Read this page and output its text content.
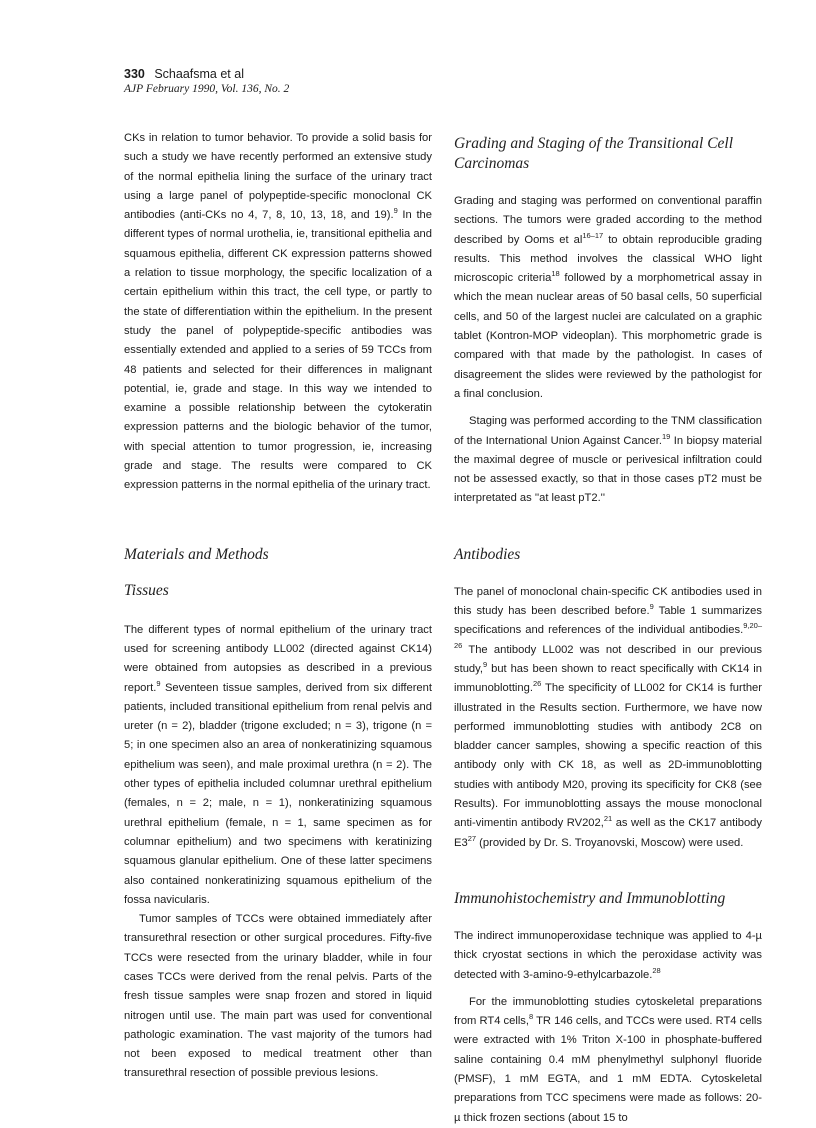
330 Schaafsma et al
AJP February 1990, Vol. 136, No. 2

CKs in relation to tumor behavior. To provide a solid basis for such a study we have recently performed an extensive study of the normal epithelia lining the surface of the urinary tract using a large panel of polypeptide-specific monoclonal CK antibodies (anti-CKs no 4, 7, 8, 10, 13, 18, and 19).$^9$ In the different types of normal urothelia, ie, transitional epithelia and squamous epithelia, different CK expression patterns showed a relation to tissue morphology, the specific localization of a certain epithelium within this tract, the cell type, or partly to the state of differentiation within the epithelium. In the present study the panel of polypeptide-specific antibodies was essentially extended and applied to a series of 59 TCCs from 48 patients and selected for their differences in malignant potential, ie, grade and stage. In this way we intended to examine a possible relationship between the cytokeratin expression patterns and the biologic behavior of the tumor, with special attention to tumor progression, ie, increasing grade and stage. The results were compared to CK expression patterns in the normal epithelia of the urinary tract.

Materials and Methods
Tissues

The different types of normal epithelium of the urinary tract used for screening antibody LL002 (directed against CK14) were obtained from autopsies as described in a previous report.$^9$ Seventeen tissue samples, derived from six different patients, included transitional epithelium from renal pelvis and ureter (n = 2), bladder (trigone excluded; n = 3), trigone (n = 5; in one specimen also an area of nonkeratinizing squamous epithelium was seen), and male proximal urethra (n = 2). The other types of epithelia included columnar urethral epithelium (females, n = 2; male, n = 1), nonkeratinizing squamous urethral epithelium (female, n = 1, same specimen as for columnar epithelium) and two specimens with keratinizing squamous glanular epithelium. One of these latter specimens also contained nonkeratinizing squamous epithelium of the fossa navicularis.

Tumor samples of TCCs were obtained immediately after transurethral resection or other surgical procedures. Fifty-five TCCs were resected from the urinary bladder, while in four cases TCCs were derived from the renal pelvis. Parts of the fresh tissue samples were snap frozen and stored in liquid nitrogen until use. The main part was used for conventional pathologic examination. The vast majority of the tumors had not been exposed to medical treatment other than transurethral resection of possible previous lesions.

Grading and Staging of the Transitional Cell Carcinomas

Grading and staging was performed on conventional paraffin sections. The tumors were graded according to the method described by Ooms et $al^{16-17}$ to obtain reproducible grading results. This method involves the classical WHO light microscopic criteria$^{18}$ followed by a morphometrical assay in which the mean nuclear areas of 50 basal cells, 50 superficial cells, and 50 of the largest nuclei are calculated on a graphic tablet (Kontron-MOP videoplan). This morphometric grade is compared with that made by the pathologist. In cases of disagreement the slides were reviewed by the pathologist for a final conclusion.

Staging was performed according to the TNM classification of the International Union Against Cancer.$^{19}$ In biopsy material the maximal degree of muscle or perivesical infiltration could not be assessed exactly, so that in those cases pT2 must be interpretated as ''at least pT2.''

Antibodies

The panel of monoclonal chain-specific CK antibodies used in this study has been described before.$^9$ Table 1 summarizes specifications and references of the individual antibodies.$^{9,20-26}$ The antibody LL002 was not described in our previous study,$^9$ but has been shown to react specifically with CK14 in immunoblotting.$^{26}$ The specificity of LL002 for CK14 is further illustrated in the Results section. Furthermore, we have now performed immunoblotting studies with antibody 2C8 on bladder cancer samples, showing a specific reaction of this antibody only with CK 18, as well as 2D-immunoblotting studies with antibody M20, proving its specificity for CK8 (see Results). For immunoblotting assays the mouse monoclonal anti-vimentin antibody RV202,21 as well as the CK17 antibody $E3^{27}$ (provided by Dr. S. Troyanovski, Moscow) were used.

Immunohistochemistry and Immunoblotting

The indirect immunoperoxidase technique was applied to 4-µ thick cryostat sections in which the peroxidase activity was detected with 3-amino-9-ethylcarbazole.$^{28}$

For the immunoblotting studies cytoskeletal preparations from RT4 cells,$^8$ TR 146 cells, and TCCs were used. RT4 cells were extracted with 1% Triton X-100 in phosphate-buffered saline containing 0.4 mM phenylmethyl sulphonyl fluoride (PMSF), 1 mM EGTA, and 1 mM EDTA. Cytoskeletal preparations from TCC specimens were made as follows: 20-µ thick frozen sections (about 15 to
